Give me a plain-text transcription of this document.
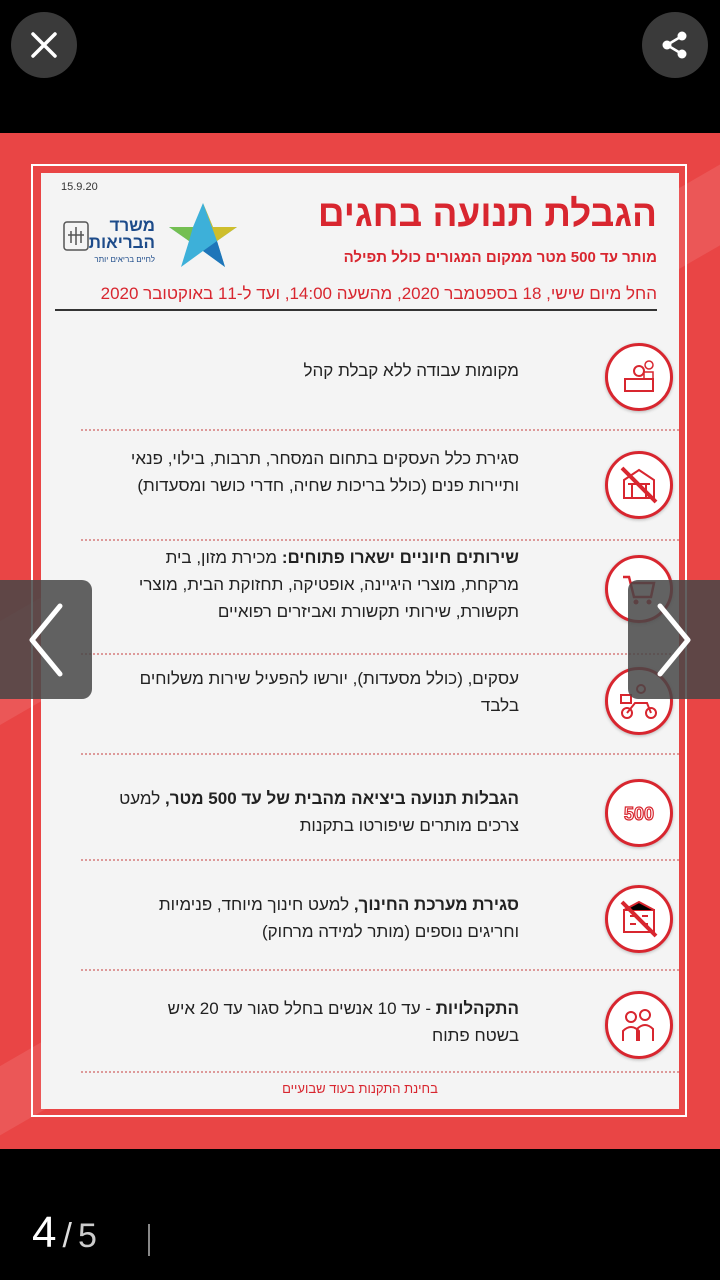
15.9.20
משרד
הבריאות
לחיים בריאים יותר
הגבלת תנועה בחגים
מותר עד 500 מטר ממקום המגורים כולל תפילה
החל מיום שישי, 18 בספטמבר 2020, מהשעה 14:00, ועד ל-11 באוקטובר 2020
מקומות עבודה ללא קבלת קהל
סגירת כלל העסקים בתחום המסחר, תרבות, בילוי, פנאי ותיירות פנים (כולל בריכות שחיה, חדרי כושר ומסעדות)
שירותים חיוניים ישארו פתוחים: מכירת מזון, בית מרקחת, מוצרי היגיינה, אופטיקה, תחזוקת הבית, מוצרי תקשורת, שירותי תקשורת ואביזרים רפואיים
עסקים, (כולל מסעדות), יורשו להפעיל שירות משלוחים בלבד
500
הגבלות תנועה ביציאה מהבית של עד 500 מטר, למעט צרכים מותרים שיפורטו בתקנות
סגירת מערכת החינוך, למעט חינוך מיוחד, פנימיות וחריגים נוספים (מותר למידה מרחוק)
התקהלויות - עד 10 אנשים בחלל סגור עד 20 איש בשטח פתוח
בחינת התקנות בעוד שבועיים
4 / 5
